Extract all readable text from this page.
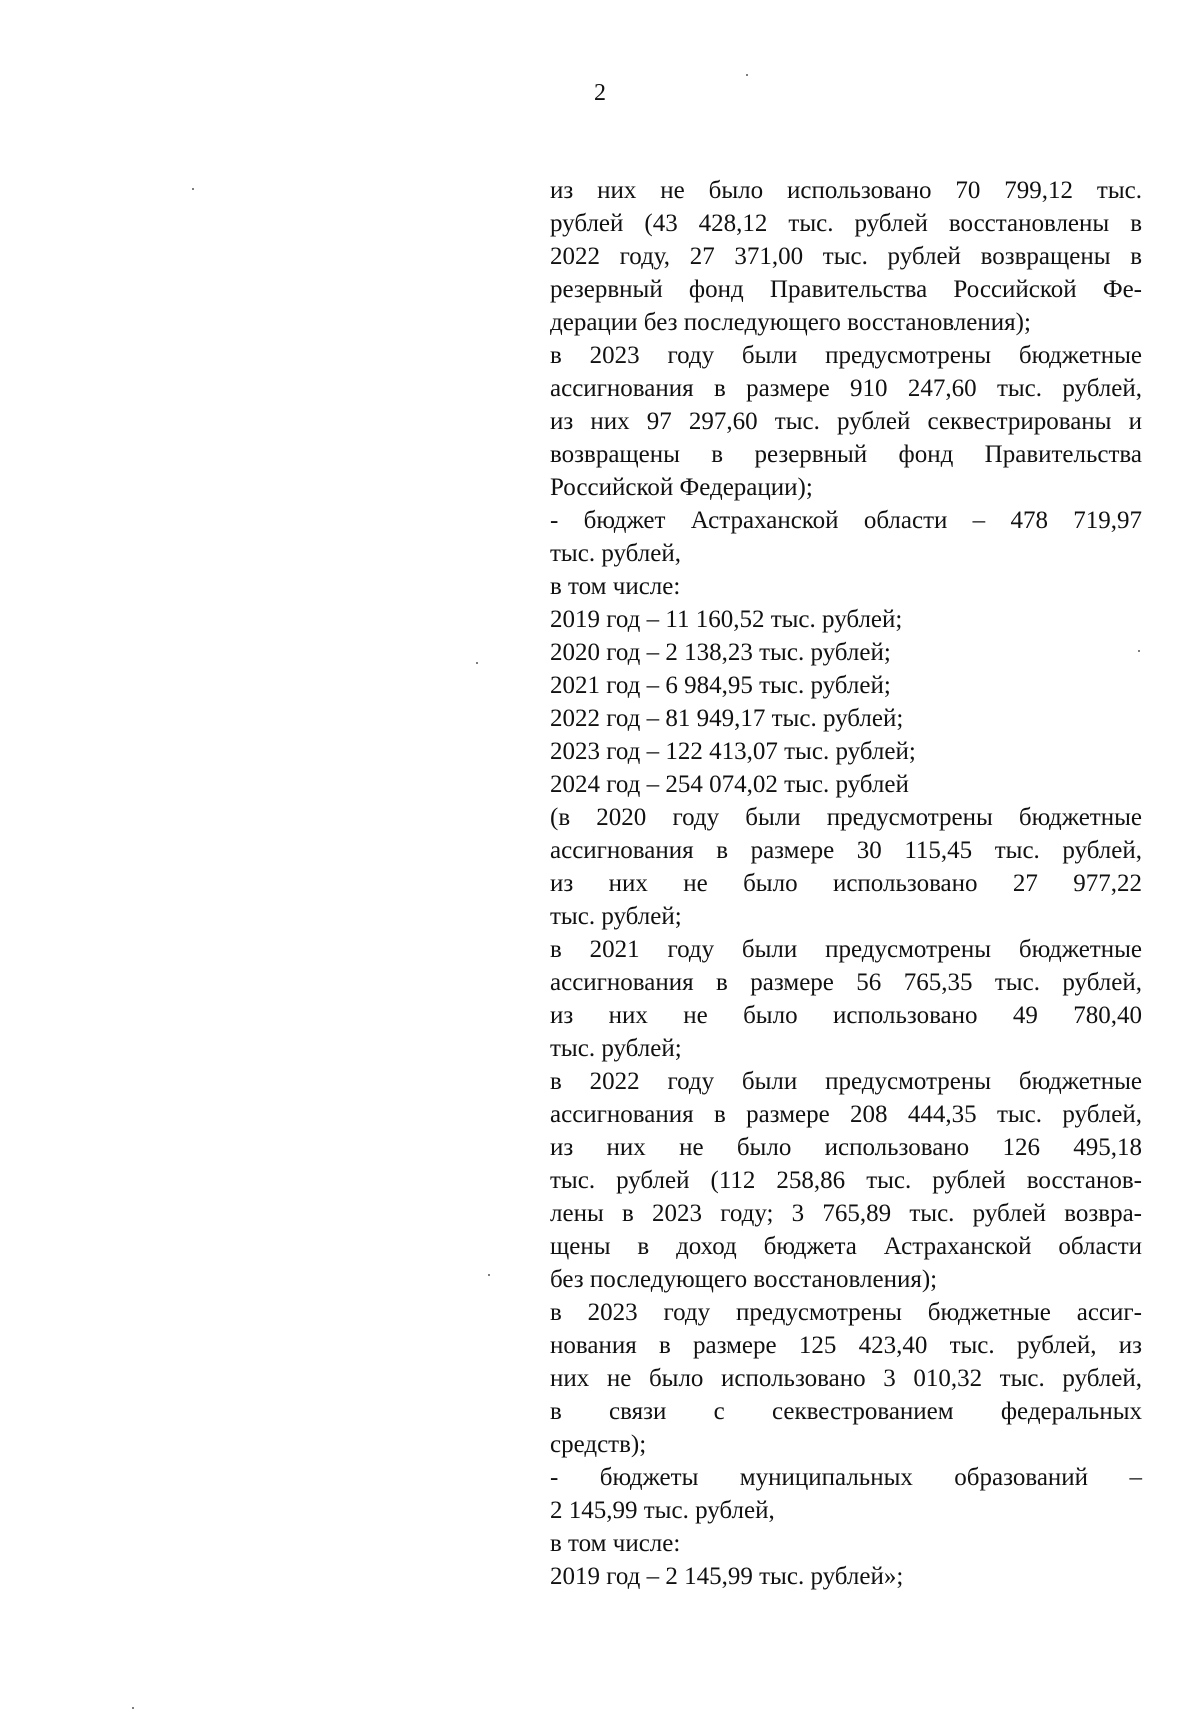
2
из них не было использовано 70 799,12 тыс.
рублей (43 428,12 тыс. рублей восстановлены в
2022 году, 27 371,00 тыс. рублей возвращены в
резервный фонд Правительства Российской Фе-
дерации без последующего восстановления);
в 2023 году были предусмотрены бюджетные
ассигнования в размере 910 247,60 тыс. рублей,
из них 97 297,60 тыс. рублей секвестрированы и
возвращены в резервный фонд Правительства
Российской Федерации);
- бюджет Астраханской области – 478 719,97
тыс. рублей,
в том числе:
2019 год – 11 160,52 тыс. рублей;
2020 год – 2 138,23 тыс. рублей;
2021 год – 6 984,95 тыс. рублей;
2022 год – 81 949,17 тыс. рублей;
2023 год – 122 413,07 тыс. рублей;
2024 год – 254 074,02 тыс. рублей
(в 2020 году были предусмотрены бюджетные
ассигнования в размере 30 115,45 тыс. рублей,
из них не было использовано 27 977,22
тыс. рублей;
в 2021 году были предусмотрены бюджетные
ассигнования в размере 56 765,35 тыс. рублей,
из них не было использовано 49 780,40
тыс. рублей;
в 2022 году были предусмотрены бюджетные
ассигнования в размере 208 444,35 тыс. рублей,
из них не было использовано 126 495,18
тыс. рублей (112 258,86 тыс. рублей восстанов-
лены в 2023 году; 3 765,89 тыс. рублей возвра-
щены в доход бюджета Астраханской области
без последующего восстановления);
в 2023 году предусмотрены бюджетные ассиг-
нования в размере 125 423,40 тыс. рублей, из
них не было использовано 3 010,32 тыс. рублей,
в связи с секвестрованием федеральных
средств);
- бюджеты муниципальных образований –
2 145,99 тыс. рублей,
в том числе:
2019 год – 2 145,99 тыс. рублей»;
